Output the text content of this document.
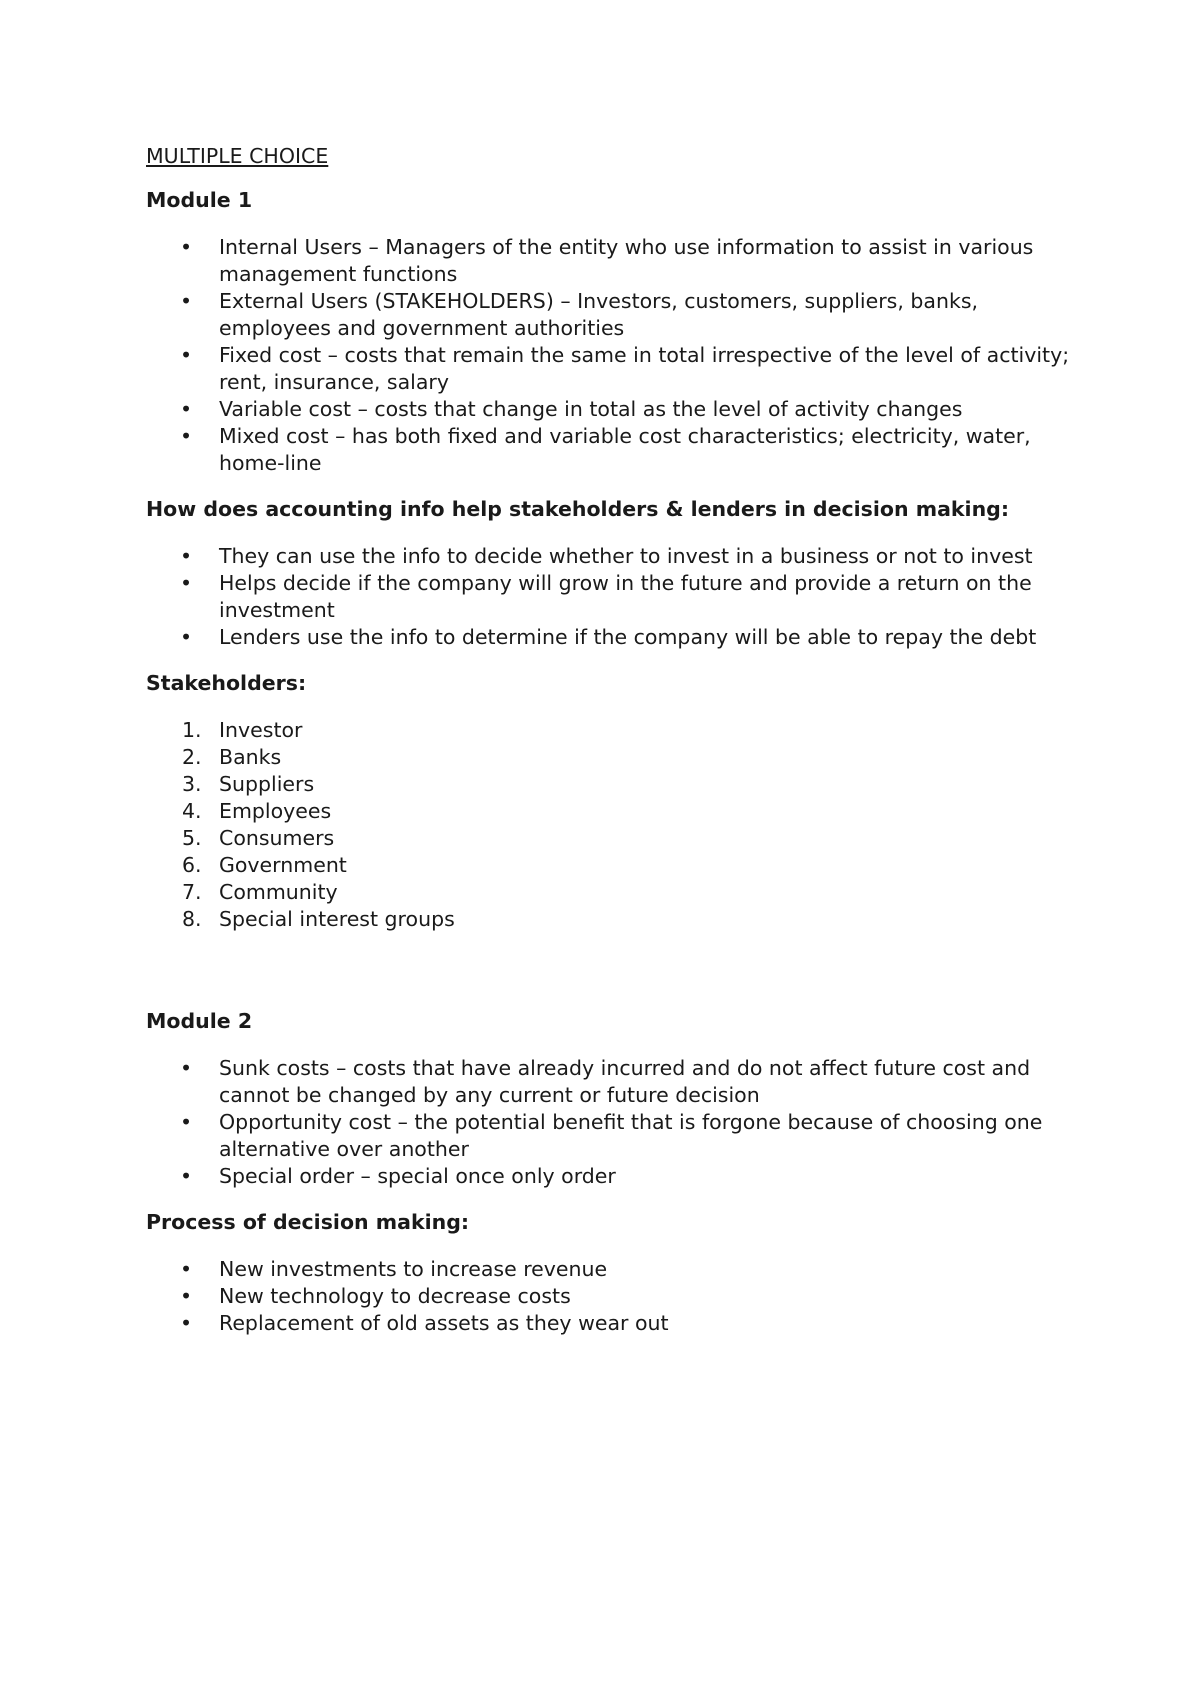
MULTIPLE CHOICE
Module 1
• Internal Users – Managers of the entity who use information to assist in various management functions
• External Users (STAKEHOLDERS) – Investors, customers, suppliers, banks, employees and government authorities
• Fixed cost – costs that remain the same in total irrespective of the level of activity; rent, insurance, salary
• Variable cost – costs that change in total as the level of activity changes
• Mixed cost – has both fixed and variable cost characteristics; electricity, water, home-line
How does accounting info help stakeholders & lenders in decision making:
• They can use the info to decide whether to invest in a business or not to invest
• Helps decide if the company will grow in the future and provide a return on the investment
• Lenders use the info to determine if the company will be able to repay the debt
Stakeholders:
1. Investor
2. Banks
3. Suppliers
4. Employees
5. Consumers
6. Government
7. Community
8. Special interest groups
Module 2
• Sunk costs – costs that have already incurred and do not affect future cost and cannot be changed by any current or future decision
• Opportunity cost – the potential benefit that is forgone because of choosing one alternative over another
• Special order – special once only order
Process of decision making:
• New investments to increase revenue
• New technology to decrease costs
• Replacement of old assets as they wear out
